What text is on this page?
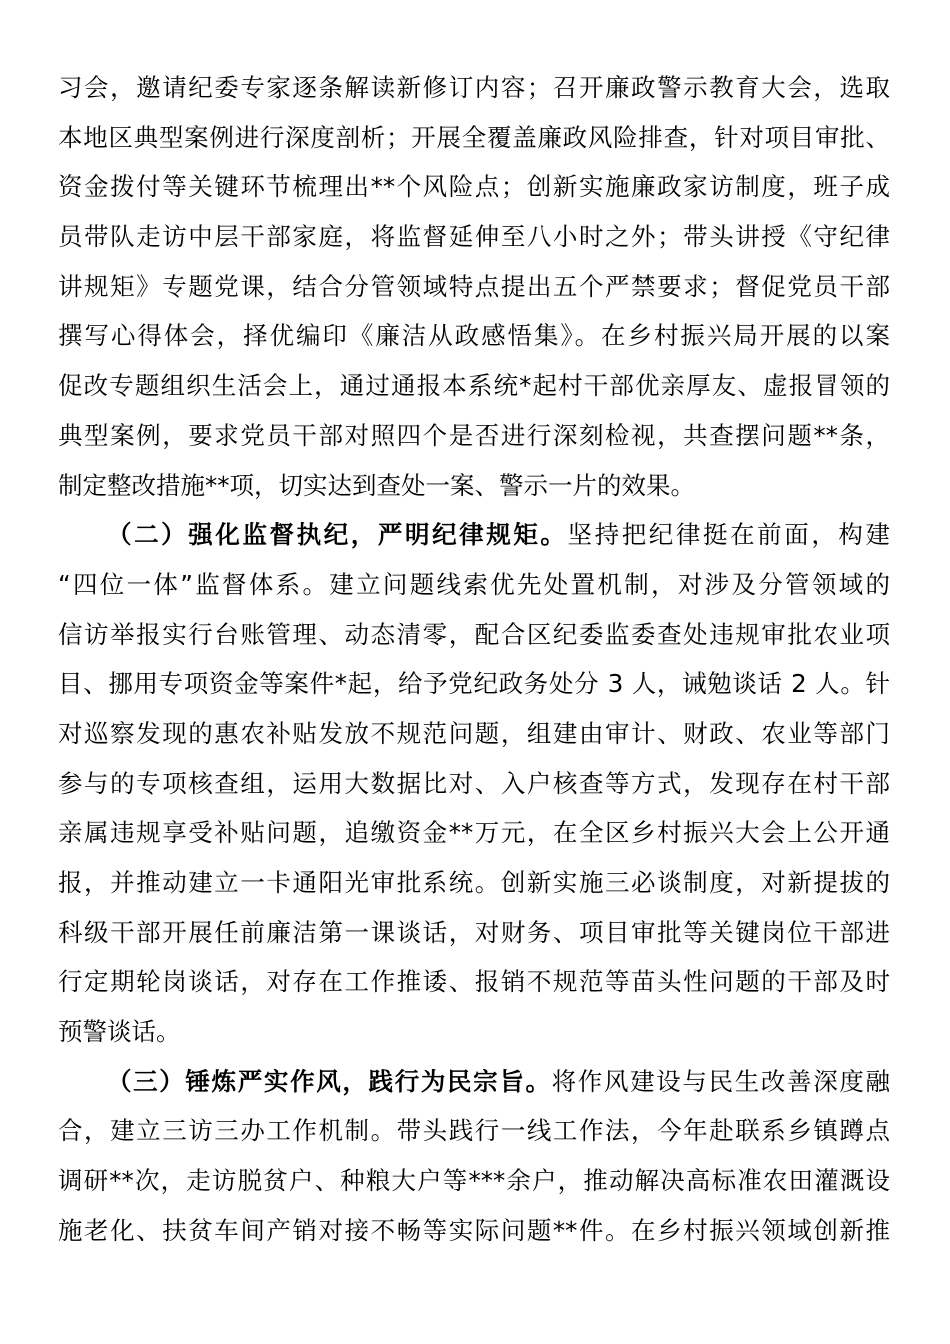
习会，邀请纪委专家逐条解读新修订内容；召开廉政警示教育大会，选取
本地区典型案例进行深度剖析；开展全覆盖廉政风险排查，针对项目审批、
资金拨付等关键环节梳理出**个风险点；创新实施廉政家访制度，班子成
员带队走访中层干部家庭，将监督延伸至八小时之外；带头讲授《守纪律
讲规矩》专题党课，结合分管领域特点提出五个严禁要求；督促党员干部
撰写心得体会，择优编印《廉洁从政感悟集》。在乡村振兴局开展的以案
促改专题组织生活会上，通过通报本系统*起村干部优亲厚友、虚报冒领的
典型案例，要求党员干部对照四个是否进行深刻检视，共查摆问题**条，
制定整改措施**项，切实达到查处一案、警示一片的效果。
（二）强化监督执纪，严明纪律规矩。坚持把纪律挺在前面，构建
“四位一体”监督体系。建立问题线索优先处置机制，对涉及分管领域的
信访举报实行台账管理、动态清零，配合区纪委监委查处违规审批农业项
目、挪用专项资金等案件*起，给予党纪政务处分 3 人，诫勉谈话 2 人。针
对巡察发现的惠农补贴发放不规范问题，组建由审计、财政、农业等部门
参与的专项核查组，运用大数据比对、入户核查等方式，发现存在村干部
亲属违规享受补贴问题，追缴资金**万元，在全区乡村振兴大会上公开通
报，并推动建立一卡通阳光审批系统。创新实施三必谈制度，对新提拔的
科级干部开展任前廉洁第一课谈话，对财务、项目审批等关键岗位干部进
行定期轮岗谈话，对存在工作推诿、报销不规范等苗头性问题的干部及时
预警谈话。
（三）锤炼严实作风，践行为民宗旨。将作风建设与民生改善深度融
合，建立三访三办工作机制。带头践行一线工作法，今年赴联系乡镇蹲点
调研**次，走访脱贫户、种粮大户等***余户，推动解决高标准农田灌溉设
施老化、扶贫车间产销对接不畅等实际问题**件。在乡村振兴领域创新推
